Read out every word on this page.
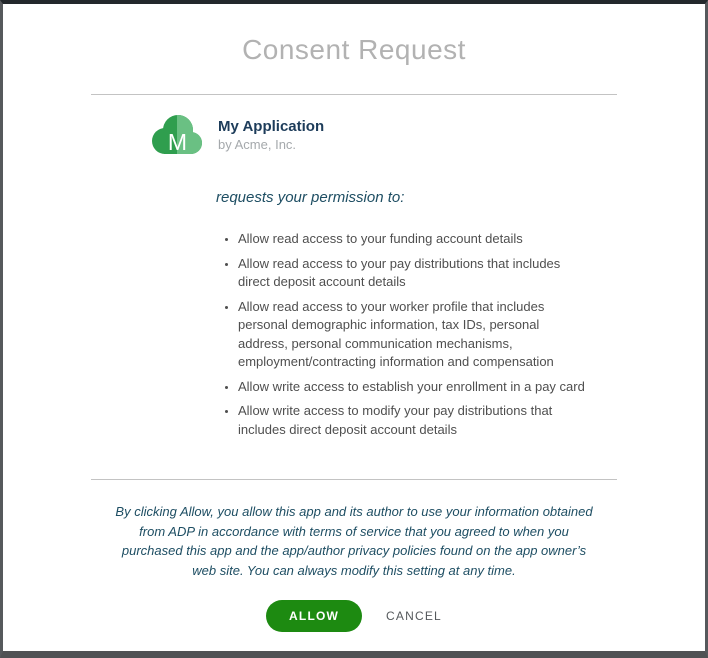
Consent Request
M
My Application
by Acme, Inc.
requests your permission to:
• Allow read access to your funding account details
• Allow read access to your pay distributions that includes direct deposit account details
• Allow read access to your worker profile that includes personal demographic information, tax IDs, personal address, personal communication mechanisms, employment/contracting information and compensation
• Allow write access to establish your enrollment in a pay card
• Allow write access to modify your pay distributions that includes direct deposit account details
By clicking Allow, you allow this app and its author to use your information obtained from ADP in accordance with terms of service that you agreed to when you purchased this app and the app/author privacy policies found on the app owner’s web site. You can always modify this setting at any time.
ALLOW	CANCEL
